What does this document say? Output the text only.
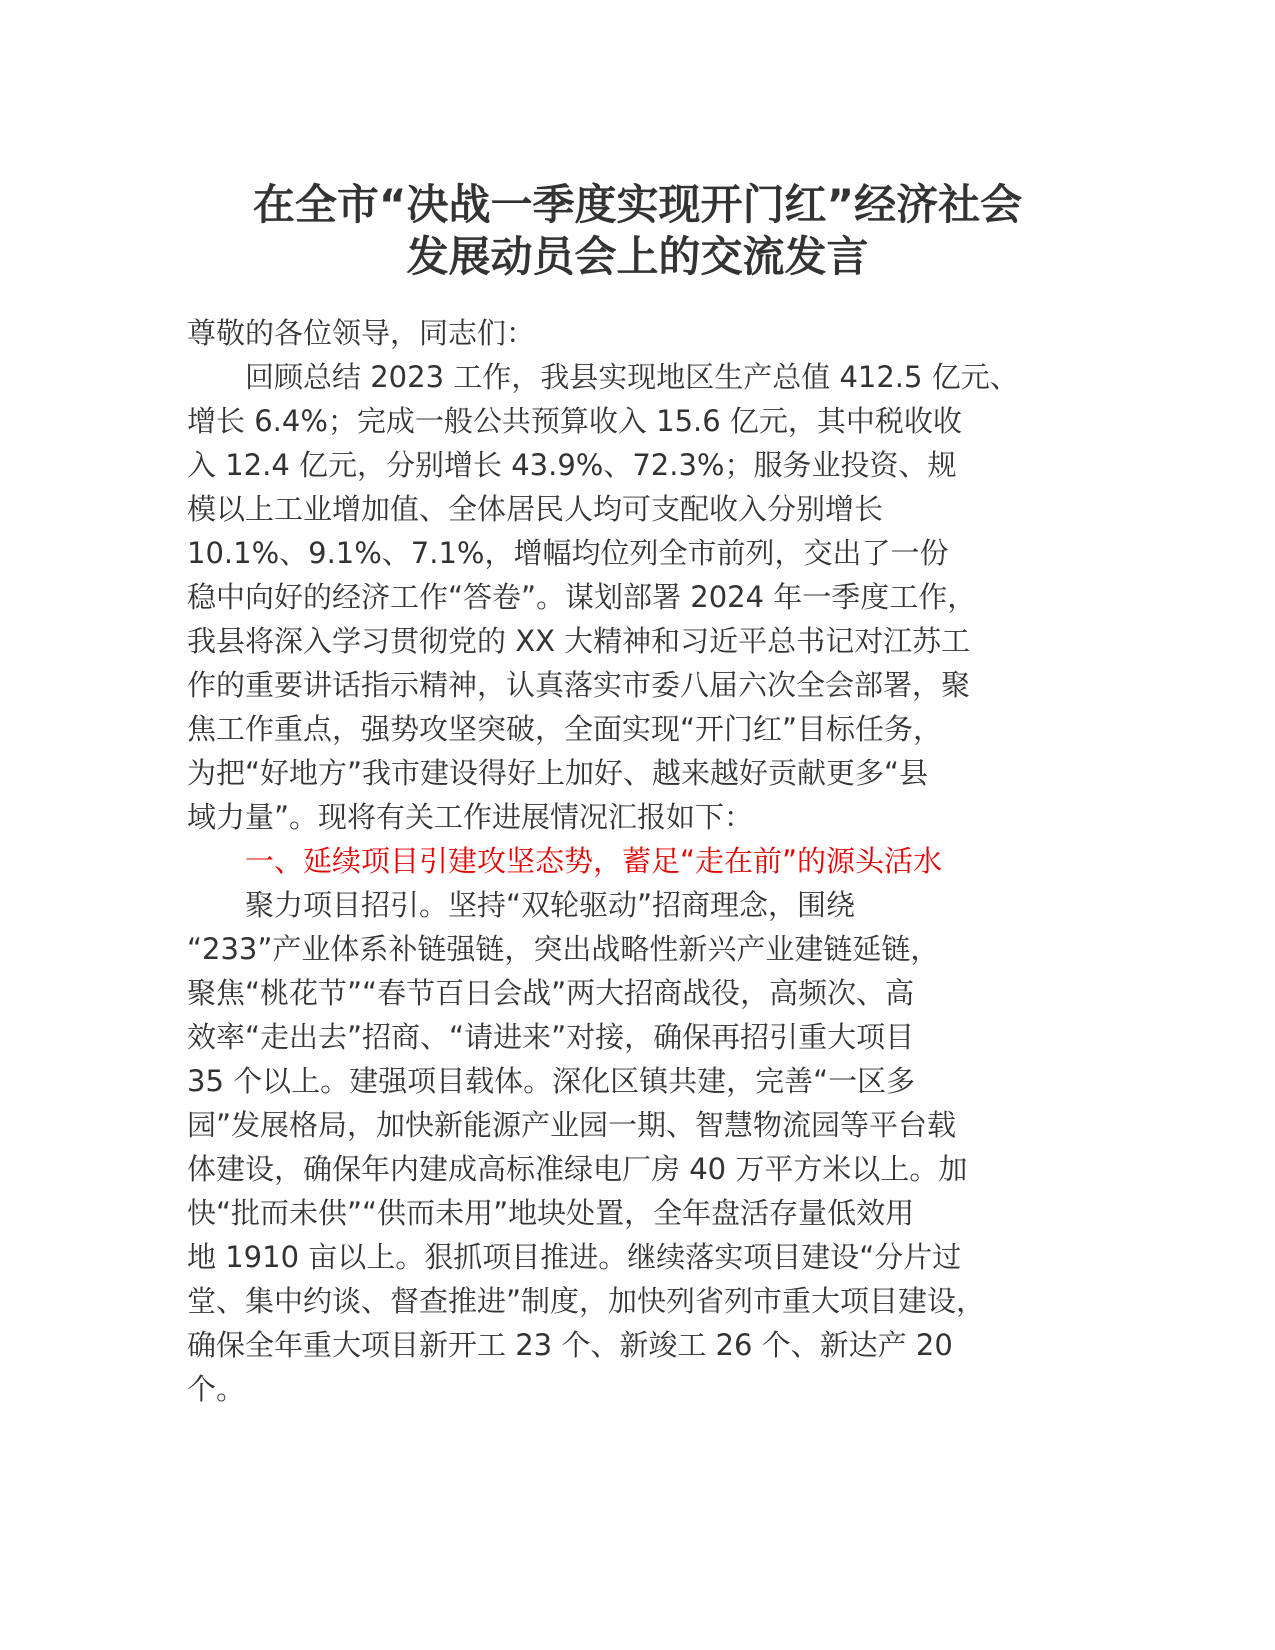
在全市“决战一季度实现开门红”经济社会
发展动员会上的交流发言
尊敬的各位领导，同志们：
　　回顾总结 2023 工作，我县实现地区生产总值 412.5 亿元、
增长 6.4%；完成一般公共预算收入 15.6 亿元，其中税收收
入 12.4 亿元，分别增长 43.9%、72.3%；服务业投资、规
模以上工业增加值、全体居民人均可支配收入分别增长
10.1%、9.1%、7.1%，增幅均位列全市前列，交出了一份
稳中向好的经济工作“答卷”。谋划部署 2024 年一季度工作，
我县将深入学习贯彻党的 XX 大精神和习近平总书记对江苏工
作的重要讲话指示精神，认真落实市委八届六次全会部署，聚
焦工作重点，强势攻坚突破，全面实现“开门红”目标任务，
为把“好地方”我市建设得好上加好、越来越好贡献更多“县
域力量”。现将有关工作进展情况汇报如下：
　　一、延续项目引建攻坚态势，蓄足“走在前”的源头活水
　　聚力项目招引。坚持“双轮驱动”招商理念，围绕
“233”产业体系补链强链，突出战略性新兴产业建链延链，
聚焦“桃花节”“春节百日会战”两大招商战役，高频次、高
效率“走出去”招商、“请进来”对接，确保再招引重大项目
35 个以上。建强项目载体。深化区镇共建，完善“一区多
园”发展格局，加快新能源产业园一期、智慧物流园等平台载
体建设，确保年内建成高标准绿电厂房 40 万平方米以上。加
快“批而未供”“供而未用”地块处置，全年盘活存量低效用
地 1910 亩以上。狠抓项目推进。继续落实项目建设“分片过
堂、集中约谈、督查推进”制度，加快列省列市重大项目建设，
确保全年重大项目新开工 23 个、新竣工 26 个、新达产 20
个。
